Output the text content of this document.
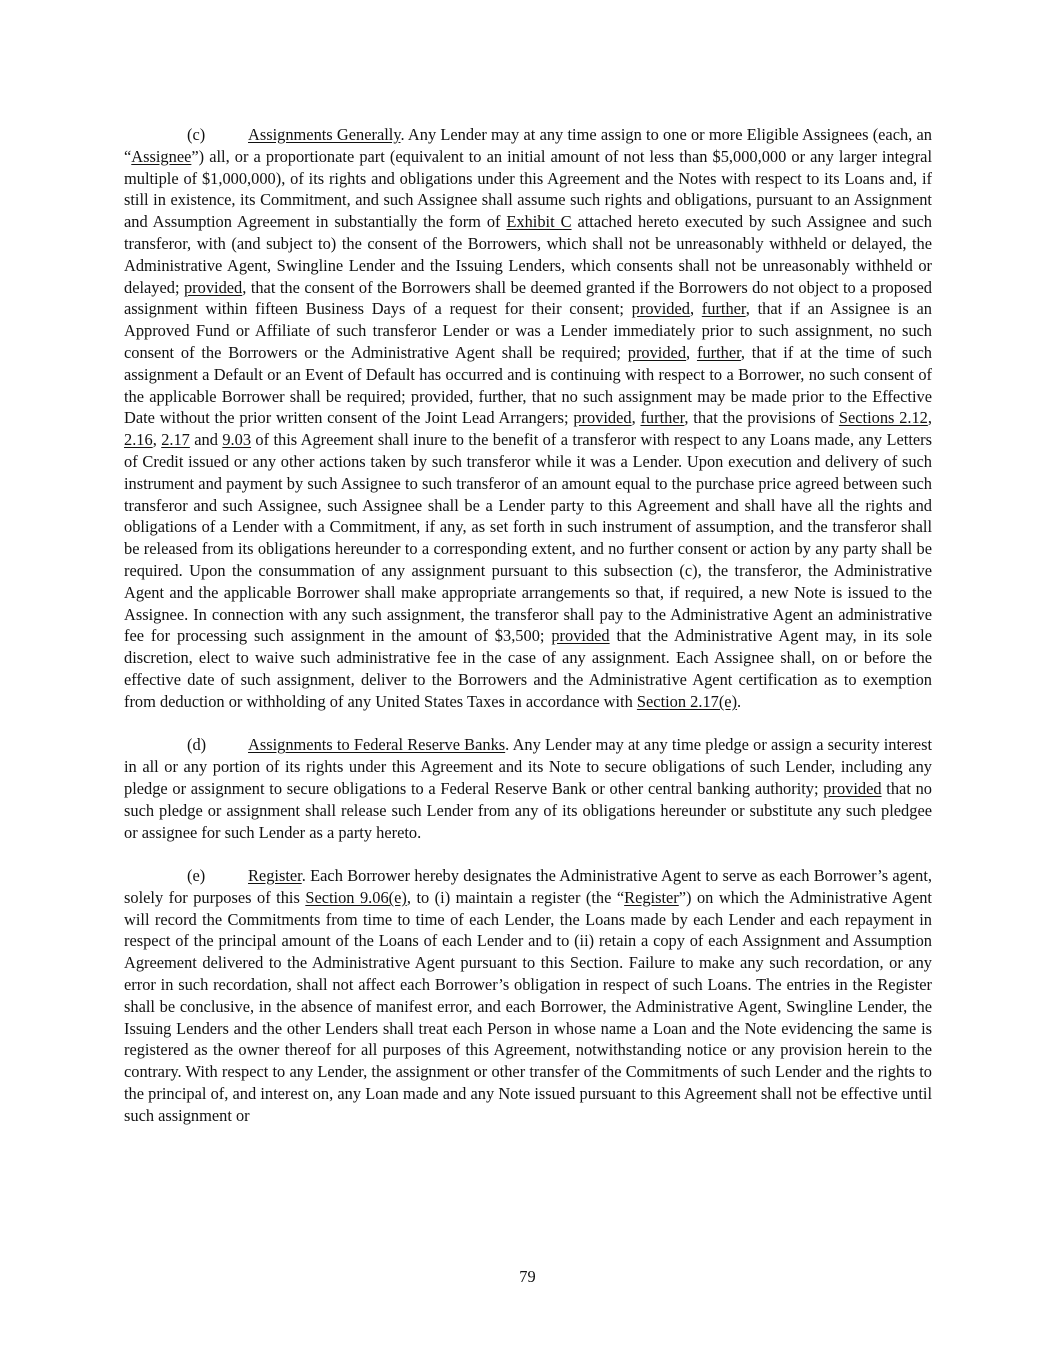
(c)	Assignments Generally. Any Lender may at any time assign to one or more Eligible Assignees (each, an “Assignee”) all, or a proportionate part (equivalent to an initial amount of not less than $5,000,000 or any larger integral multiple of $1,000,000), of its rights and obligations under this Agreement and the Notes with respect to its Loans and, if still in existence, its Commitment, and such Assignee shall assume such rights and obligations, pursuant to an Assignment and Assumption Agreement in substantially the form of Exhibit C attached hereto executed by such Assignee and such transferor, with (and subject to) the consent of the Borrowers, which shall not be unreasonably withheld or delayed, the Administrative Agent, Swingline Lender and the Issuing Lenders, which consents shall not be unreasonably withheld or delayed; provided, that the consent of the Borrowers shall be deemed granted if the Borrowers do not object to a proposed assignment within fifteen Business Days of a request for their consent; provided, further, that if an Assignee is an Approved Fund or Affiliate of such transferor Lender or was a Lender immediately prior to such assignment, no such consent of the Borrowers or the Administrative Agent shall be required; provided, further, that if at the time of such assignment a Default or an Event of Default has occurred and is continuing with respect to a Borrower, no such consent of the applicable Borrower shall be required; provided, further, that no such assignment may be made prior to the Effective Date without the prior written consent of the Joint Lead Arrangers; provided, further, that the provisions of Sections 2.12, 2.16, 2.17 and 9.03 of this Agreement shall inure to the benefit of a transferor with respect to any Loans made, any Letters of Credit issued or any other actions taken by such transferor while it was a Lender. Upon execution and delivery of such instrument and payment by such Assignee to such transferor of an amount equal to the purchase price agreed between such transferor and such Assignee, such Assignee shall be a Lender party to this Agreement and shall have all the rights and obligations of a Lender with a Commitment, if any, as set forth in such instrument of assumption, and the transferor shall be released from its obligations hereunder to a corresponding extent, and no further consent or action by any party shall be required. Upon the consummation of any assignment pursuant to this subsection (c), the transferor, the Administrative Agent and the applicable Borrower shall make appropriate arrangements so that, if required, a new Note is issued to the Assignee. In connection with any such assignment, the transferor shall pay to the Administrative Agent an administrative fee for processing such assignment in the amount of $3,500; provided that the Administrative Agent may, in its sole discretion, elect to waive such administrative fee in the case of any assignment. Each Assignee shall, on or before the effective date of such assignment, deliver to the Borrowers and the Administrative Agent certification as to exemption from deduction or withholding of any United States Taxes in accordance with Section 2.17(e).

(d)	Assignments to Federal Reserve Banks. Any Lender may at any time pledge or assign a security interest in all or any portion of its rights under this Agreement and its Note to secure obligations of such Lender, including any pledge or assignment to secure obligations to a Federal Reserve Bank or other central banking authority; provided that no such pledge or assignment shall release such Lender from any of its obligations hereunder or substitute any such pledgee or assignee for such Lender as a party hereto.

(e)	Register. Each Borrower hereby designates the Administrative Agent to serve as each Borrower’s agent, solely for purposes of this Section 9.06(e), to (i) maintain a register (the “Register”) on which the Administrative Agent will record the Commitments from time to time of each Lender, the Loans made by each Lender and each repayment in respect of the principal amount of the Loans of each Lender and to (ii) retain a copy of each Assignment and Assumption Agreement delivered to the Administrative Agent pursuant to this Section. Failure to make any such recordation, or any error in such recordation, shall not affect each Borrower’s obligation in respect of such Loans. The entries in the Register shall be conclusive, in the absence of manifest error, and each Borrower, the Administrative Agent, Swingline Lender, the Issuing Lenders and the other Lenders shall treat each Person in whose name a Loan and the Note evidencing the same is registered as the owner thereof for all purposes of this Agreement, notwithstanding notice or any provision herein to the contrary. With respect to any Lender, the assignment or other transfer of the Commitments of such Lender and the rights to the principal of, and interest on, any Loan made and any Note issued pursuant to this Agreement shall not be effective until such assignment or

79
